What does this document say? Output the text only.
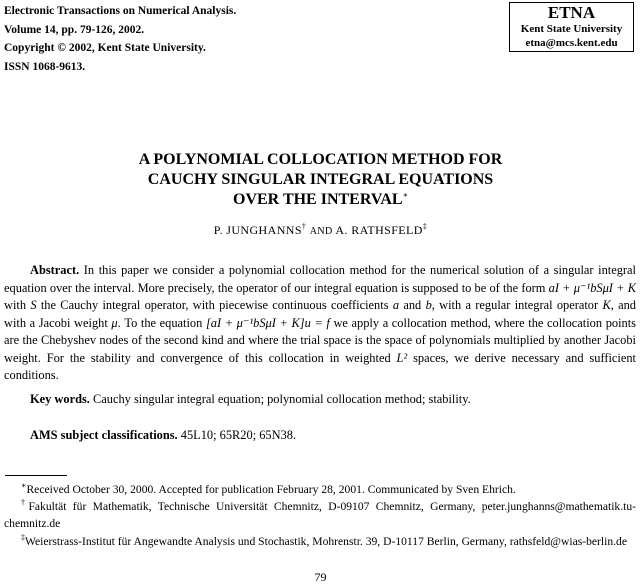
Electronic Transactions on Numerical Analysis.
Volume 14, pp. 79-126, 2002.
Copyright © 2002, Kent State University.
ISSN 1068-9613.
ETNA
Kent State University
etna@mcs.kent.edu
A POLYNOMIAL COLLOCATION METHOD FOR
CAUCHY SINGULAR INTEGRAL EQUATIONS
OVER THE INTERVAL∗
P. JUNGHANNS† AND A. RATHSFELD‡
Abstract. In this paper we consider a polynomial collocation method for the numerical solution of a singular integral equation over the interval. More precisely, the operator of our integral equation is supposed to be of the form aI + μ⁻¹bSμI + K with S the Cauchy integral operator, with piecewise continuous coefficients a and b, with a regular integral operator K, and with a Jacobi weight μ. To the equation [aI + μ⁻¹bSμI + K]u = f we apply a collocation method, where the collocation points are the Chebyshev nodes of the second kind and where the trial space is the space of polynomials multiplied by another Jacobi weight. For the stability and convergence of this collocation in weighted L² spaces, we derive necessary and sufficient conditions.
Key words. Cauchy singular integral equation; polynomial collocation method; stability.
AMS subject classifications. 45L10; 65R20; 65N38.
∗Received October 30, 2000. Accepted for publication February 28, 2001. Communicated by Sven Ehrich.
†Fakultät für Mathematik, Technische Universität Chemnitz, D-09107 Chemnitz, Germany, peter.junghanns@mathematik.tu-chemnitz.de
‡Weierstrass-Institut für Angewandte Analysis und Stochastik, Mohrenstr. 39, D-10117 Berlin, Germany, rathsfeld@wias-berlin.de
79
